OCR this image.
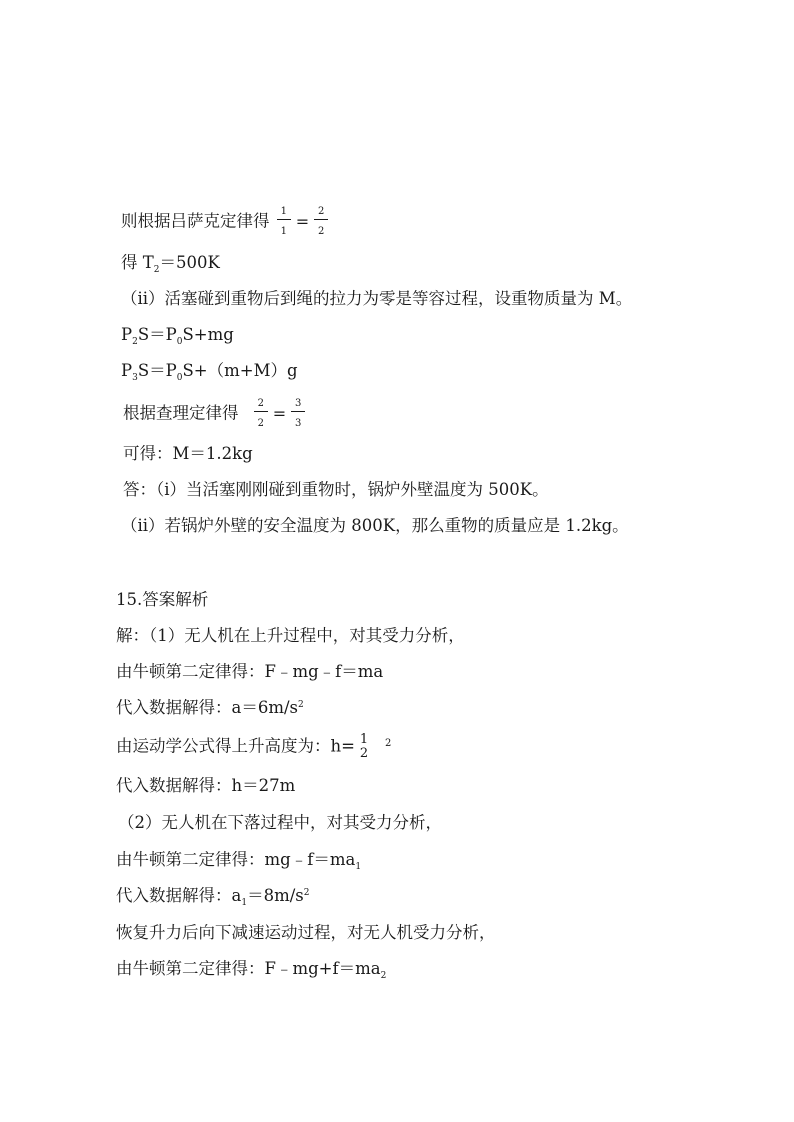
则根据吕萨克定律得 $\frac{1}{1} = \frac{2}{2}$
得 $T_2=500K$
（ii）活塞碰到重物后到绳的拉力为零是等容过程，设重物质量为 M。
$P_2S=P_0S+mg$
$P_3S=P_0S+(m+M)g$
根据查理定律得 $\frac{2}{2} = \frac{3}{3}$
可得：M＝1.2kg
答：（i）当活塞刚刚碰到重物时，锅炉外壁温度为 500K。
（ii）若锅炉外壁的安全温度为 800K，那么重物的质量应是 1.2kg。
15.答案解析
解：（1）无人机在上升过程中，对其受力分析，
由牛顿第二定律得：F﹣mg﹣f＝ma
代入数据解得：$a=6m/s^2$
由运动学公式得上升高度为：h= 1
2
$^2$
代入数据解得：h＝27m
（2）无人机在下落过程中，对其受力分析，
由牛顿第二定律得：$mg﹣f=ma_1$
代入数据解得：$a_1=8m/s^2$
恢复升力后向下减速运动过程，对无人机受力分析，
由牛顿第二定律得：$F﹣mg+f=ma_2$
